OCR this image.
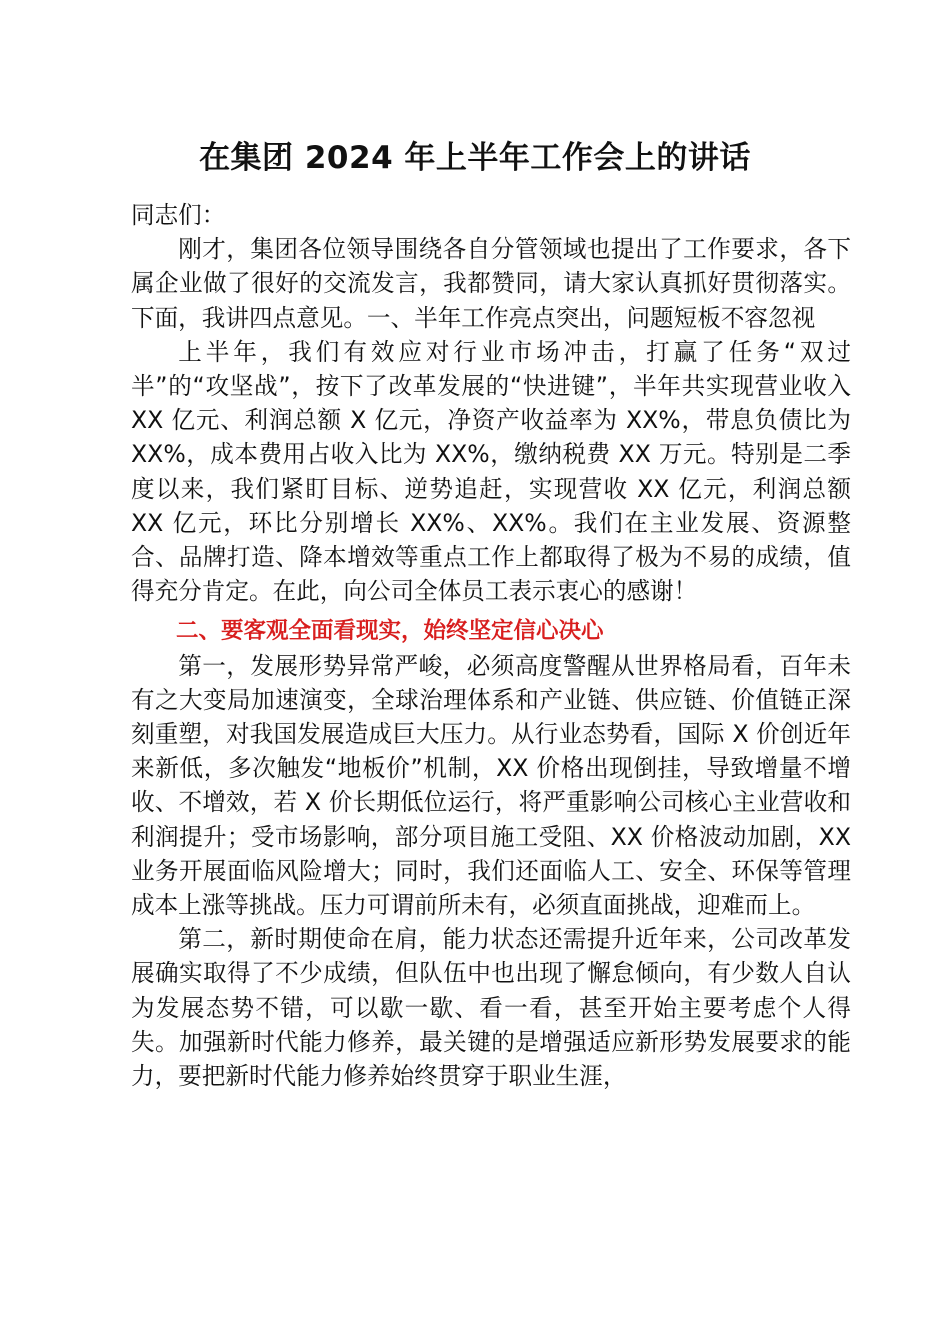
在集团 2024 年上半年工作会上的讲话

同志们：

刚才，集团各位领导围绕各自分管领域也提出了工作要求，各下属企业做了很好的交流发言，我都赞同，请大家认真抓好贯彻落实。下面，我讲四点意见。一、半年工作亮点突出，问题短板不容忽视

上半年，我们有效应对行业市场冲击，打赢了任务“双过半”的“攻坚战”，按下了改革发展的“快进键”，半年共实现营业收入 XX 亿元、利润总额 X 亿元，净资产收益率为 XX%，带息负债比为 XX%，成本费用占收入比为 XX%，缴纳税费 XX 万元。特别是二季度以来，我们紧盯目标、逆势追赶，实现营收 XX 亿元，利润总额 XX 亿元，环比分别增长 XX%、XX%。我们在主业发展、资源整合、品牌打造、降本增效等重点工作上都取得了极为不易的成绩，值得充分肯定。在此，向公司全体员工表示衷心的感谢！

二、要客观全面看现实，始终坚定信心决心

第一，发展形势异常严峻，必须高度警醒从世界格局看，百年未有之大变局加速演变，全球治理体系和产业链、供应链、价值链正深刻重塑，对我国发展造成巨大压力。从行业态势看，国际 X 价创近年来新低，多次触发“地板价”机制，XX 价格出现倒挂，导致增量不增收、不增效，若 X 价长期低位运行，将严重影响公司核心主业营收和利润提升；受市场影响，部分项目施工受阻、XX 价格波动加剧，XX 业务开展面临风险增大；同时，我们还面临人工、安全、环保等管理成本上涨等挑战。压力可谓前所未有，必须直面挑战，迎难而上。

第二，新时期使命在肩，能力状态还需提升近年来，公司改革发展确实取得了不少成绩，但队伍中也出现了懈怠倾向，有少数人自认为发展态势不错，可以歇一歇、看一看，甚至开始主要考虑个人得失。加强新时代能力修养，最关键的是增强适应新形势发展要求的能力，要把新时代能力修养始终贯穿于职业生涯，
